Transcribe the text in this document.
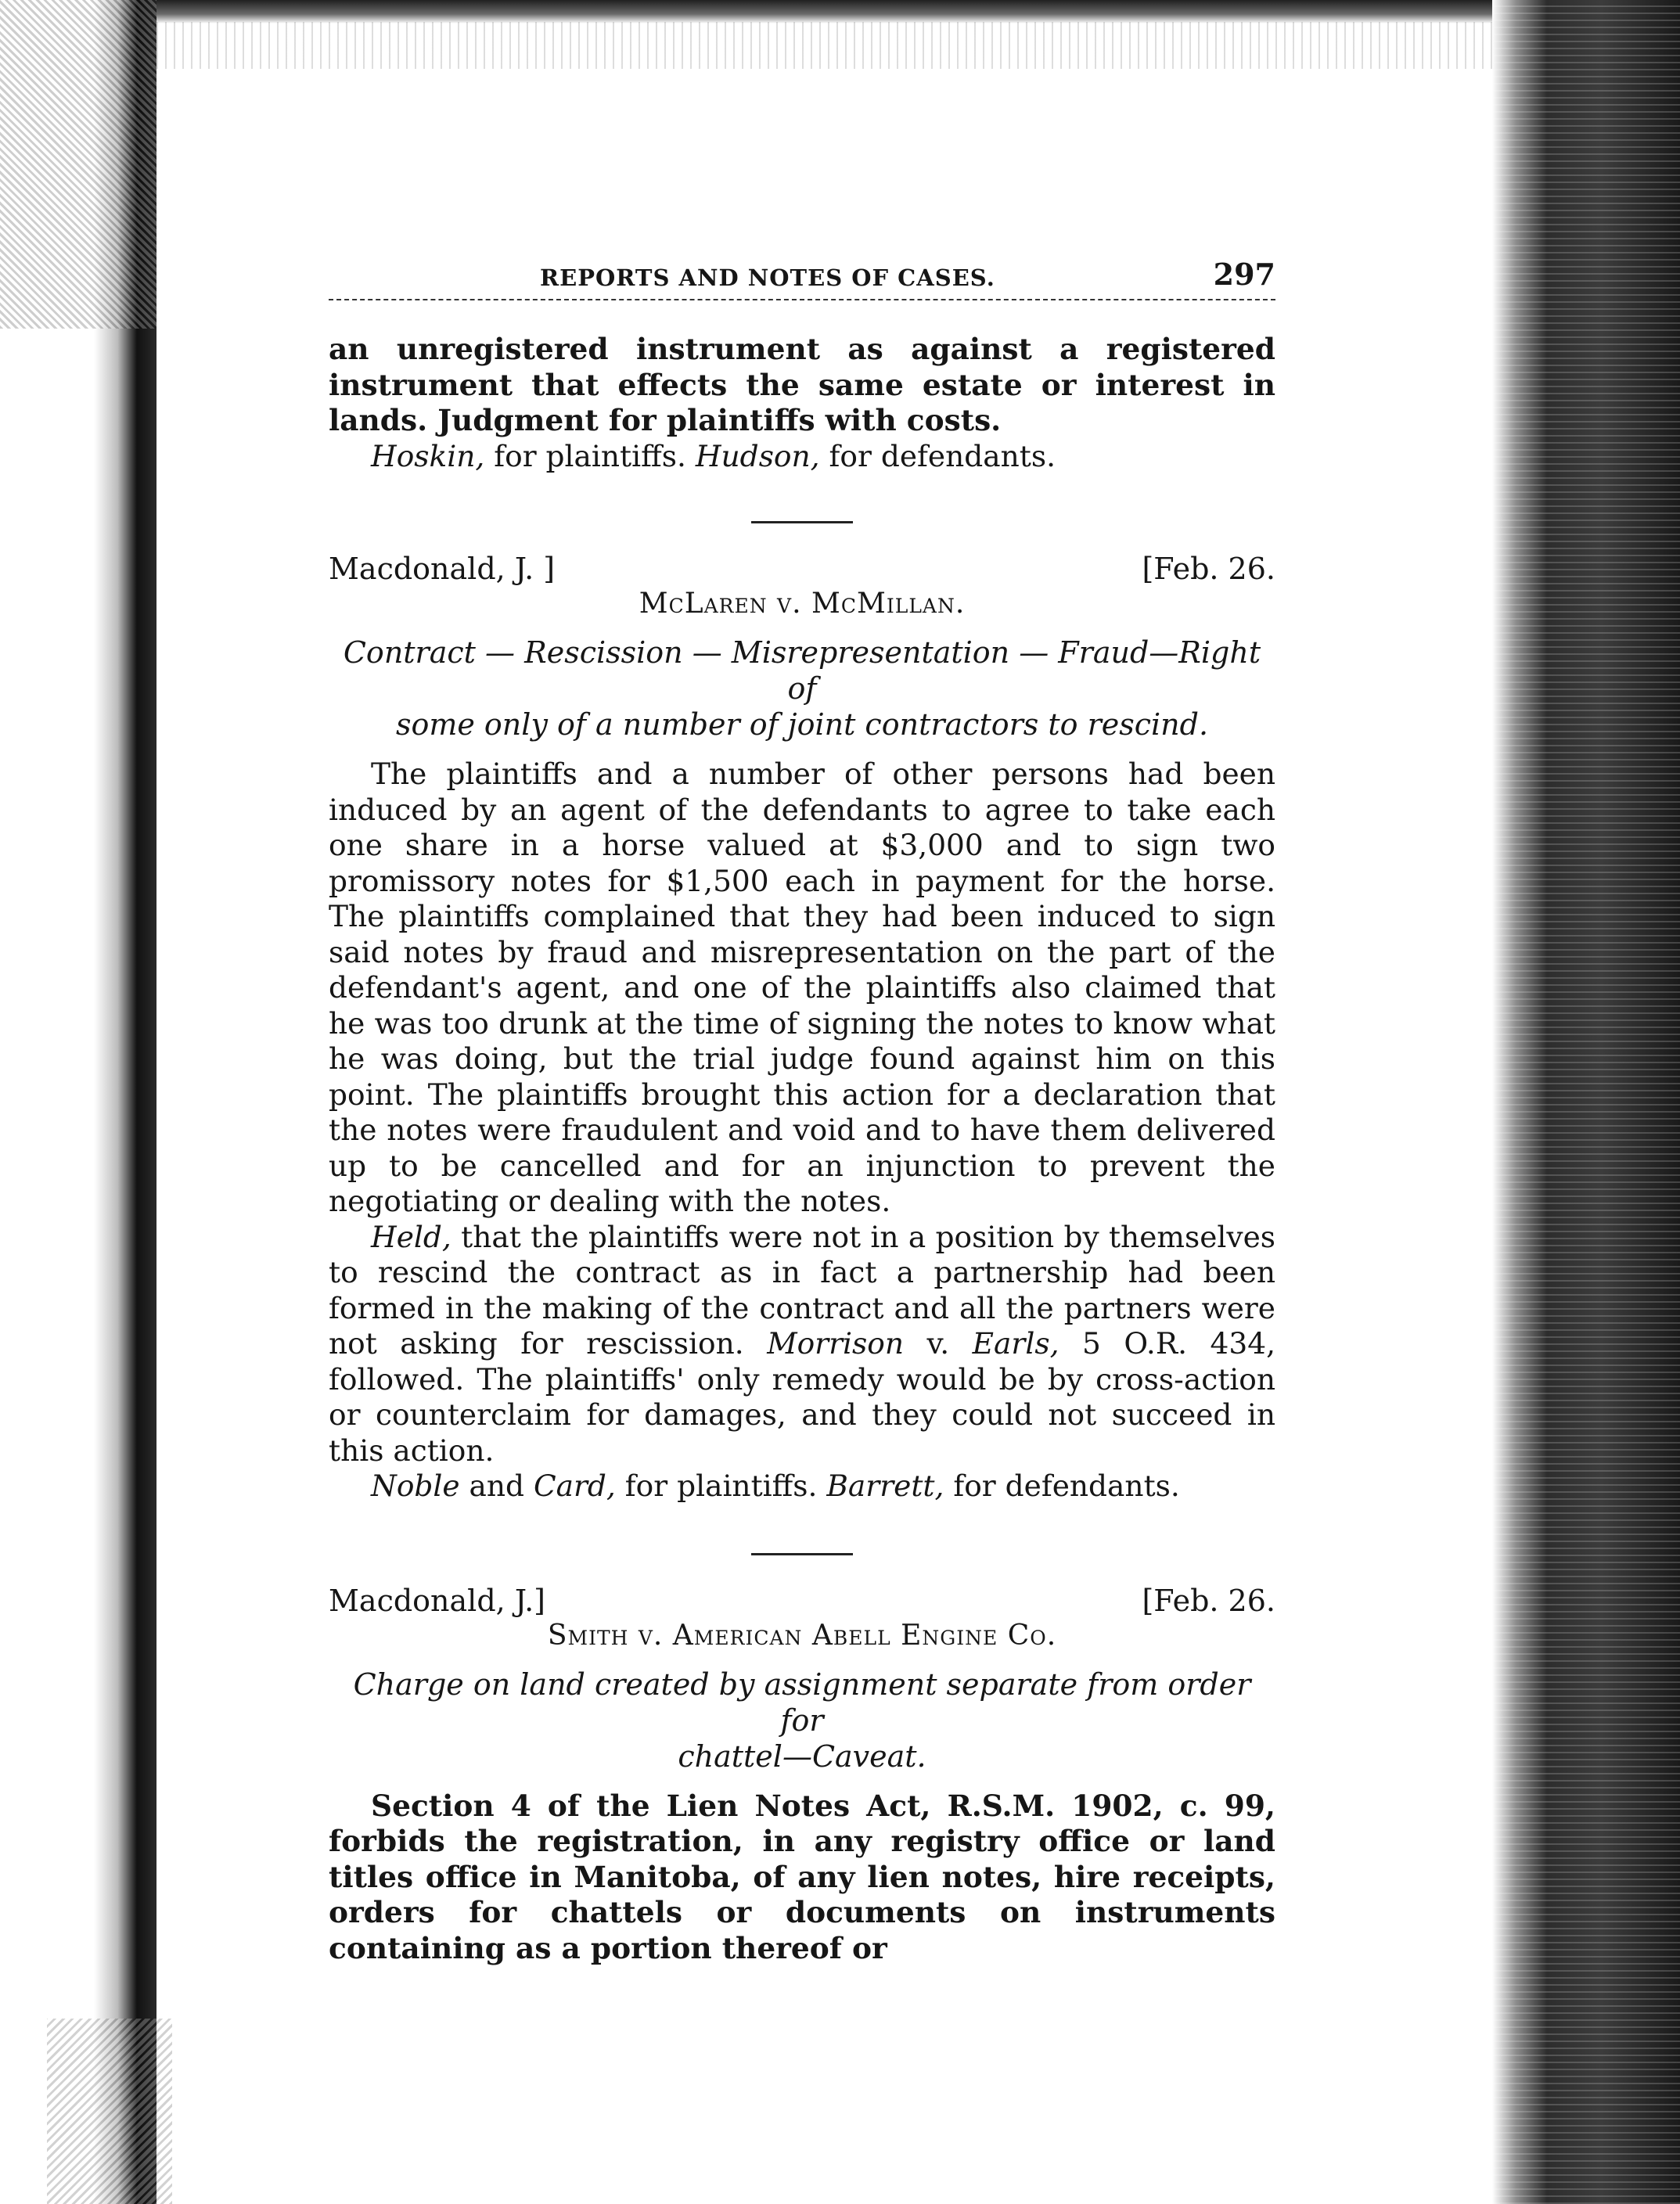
REPORTS AND NOTES OF CASES.	297

an unregistered instrument as against a registered instrument that effects the same estate or interest in lands. Judgment for plaintiffs with costs.

Hoskin, for plaintiffs. Hudson, for defendants.

Macdonald, J. ]	[Feb. 26.
McLaren v. McMillan.
Contract — Rescission — Misrepresentation — Fraud—Right of
some only of a number of joint contractors to rescind.

The plaintiffs and a number of other persons had been induced by an agent of the defendants to agree to take each one share in a horse valued at $3,000 and to sign two promissory notes for $1,500 each in payment for the horse. The plaintiffs complained that they had been induced to sign said notes by fraud and misrepresentation on the part of the defendant's agent, and one of the plaintiffs also claimed that he was too drunk at the time of signing the notes to know what he was doing, but the trial judge found against him on this point. The plaintiffs brought this action for a declaration that the notes were fraudulent and void and to have them delivered up to be cancelled and for an injunction to prevent the negotiating or dealing with the notes.

Held, that the plaintiffs were not in a position by themselves to rescind the contract as in fact a partnership had been formed in the making of the contract and all the partners were not asking for rescission. Morrison v. Earls, 5 O.R. 434, followed. The plaintiffs' only remedy would be by cross-action or counterclaim for damages, and they could not succeed in this action.

Noble and Card, for plaintiffs. Barrett, for defendants.

Macdonald, J.]	[Feb. 26.
Smith v. American Abell Engine Co.
Charge on land created by assignment separate from order for
chattel—Caveat.

Section 4 of the Lien Notes Act, R.S.M. 1902, c. 99, forbids the registration, in any registry office or land titles office in Manitoba, of any lien notes, hire receipts, orders for chattels or documents on instruments containing as a portion thereof or
